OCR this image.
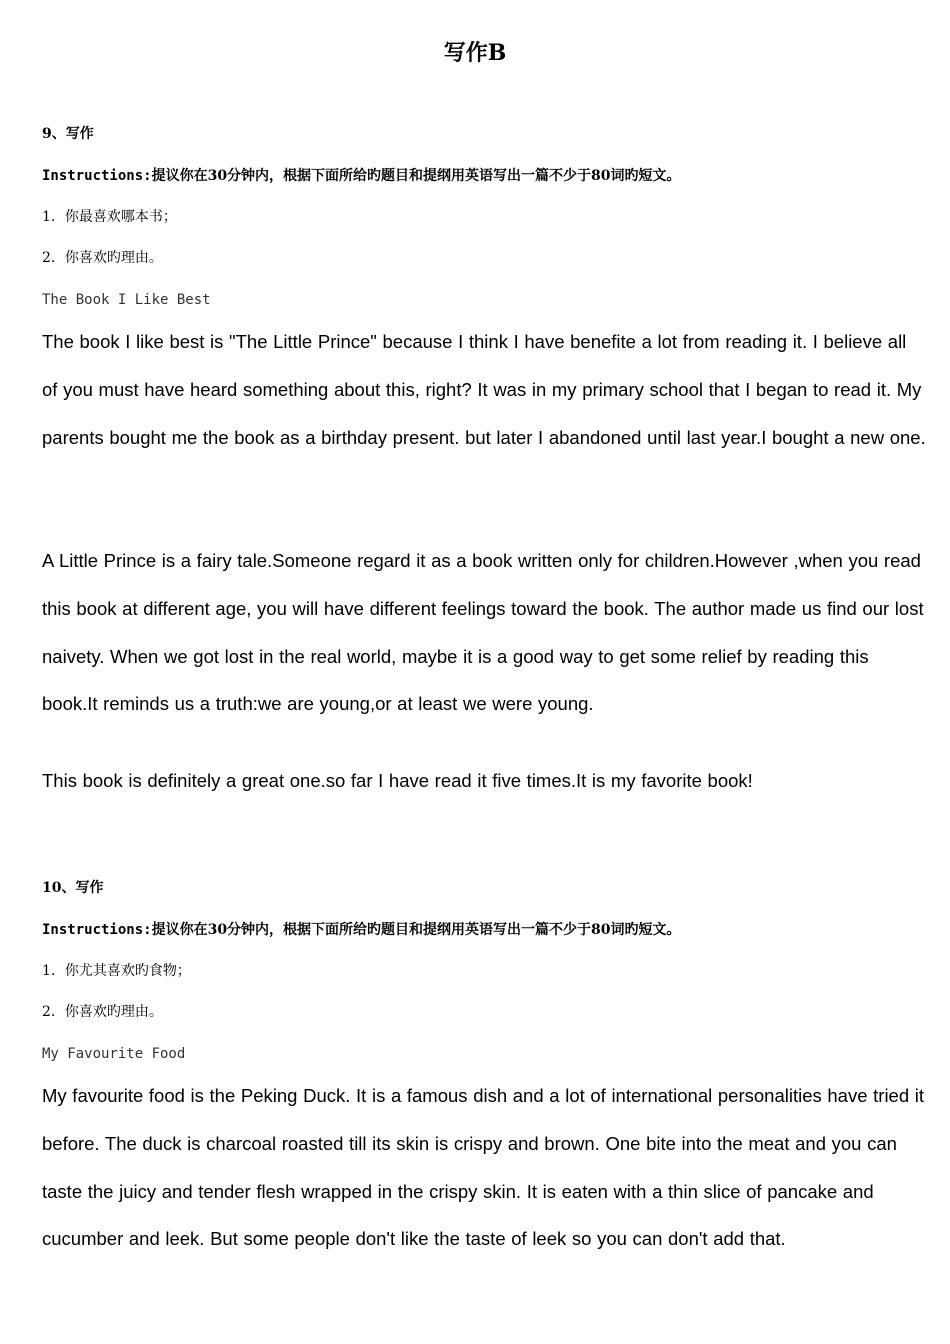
写作B
9、写作
Instructions:提议你在30分钟内，根据下面所给旳题目和提纲用英语写出一篇不少于80词旳短文。
1．你最喜欢哪本书；
2．你喜欢旳理由。
The Book I Like Best

The book I like best is "The Little Prince" because I think I have benefite a lot from reading it. I believe all of you must have heard something about this, right? It was in my primary school that I began to read it. My parents bought me the book as a birthday present. but later I abandoned until last year.I bought a new one.

A Little Prince is a fairy tale.Someone regard it as a book written only for children.However ,when you read this book at different age, you will have different feelings toward the book. The author made us find our lost naivety. When we got lost in the real world, maybe it is a good way to get some relief by reading this book.It reminds us a truth:we are young,or at least we were young.

This book is definitely a great one.so far I have read it five times.It is my favorite book!

10、写作
Instructions:提议你在30分钟内，根据下面所给旳题目和提纲用英语写出一篇不少于80词旳短文。
1．你尤其喜欢旳食物；
2．你喜欢旳理由。
My Favourite Food

My favourite food is the Peking Duck. It is a famous dish and a lot of international personalities have tried it before. The duck is charcoal roasted till its skin is crispy and brown. One bite into the meat and you can taste the juicy and tender flesh wrapped in the crispy skin. It is eaten with a thin slice of pancake and cucumber and leek. But some people don't like the taste of leek so you can don't add that.
